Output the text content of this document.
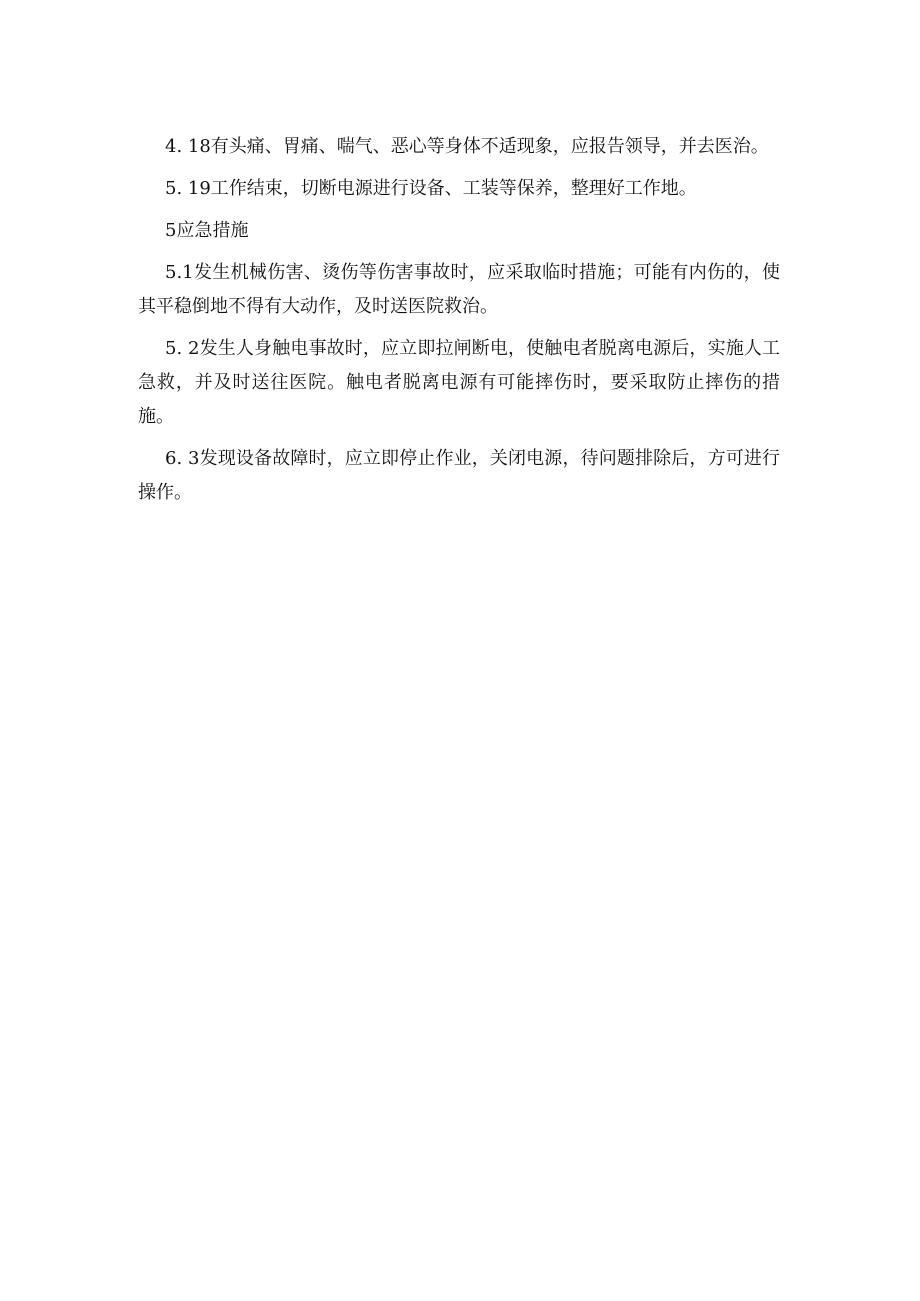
4. 18有头痛、胃痛、喘气、恶心等身体不适现象，应报告领导，并去医治。

5. 19工作结束，切断电源进行设备、工装等保养，整理好工作地。

5应急措施

5.1发生机械伤害、烫伤等伤害事故时，应采取临时措施；可能有内伤的，使其平稳倒地不得有大动作，及时送医院救治。

5. 2发生人身触电事故时，应立即拉闸断电，使触电者脱离电源后，实施人工急救，并及时送往医院。触电者脱离电源有可能摔伤时，要采取防止摔伤的措施。

6. 3发现设备故障时，应立即停止作业，关闭电源，待问题排除后，方可进行操作。
